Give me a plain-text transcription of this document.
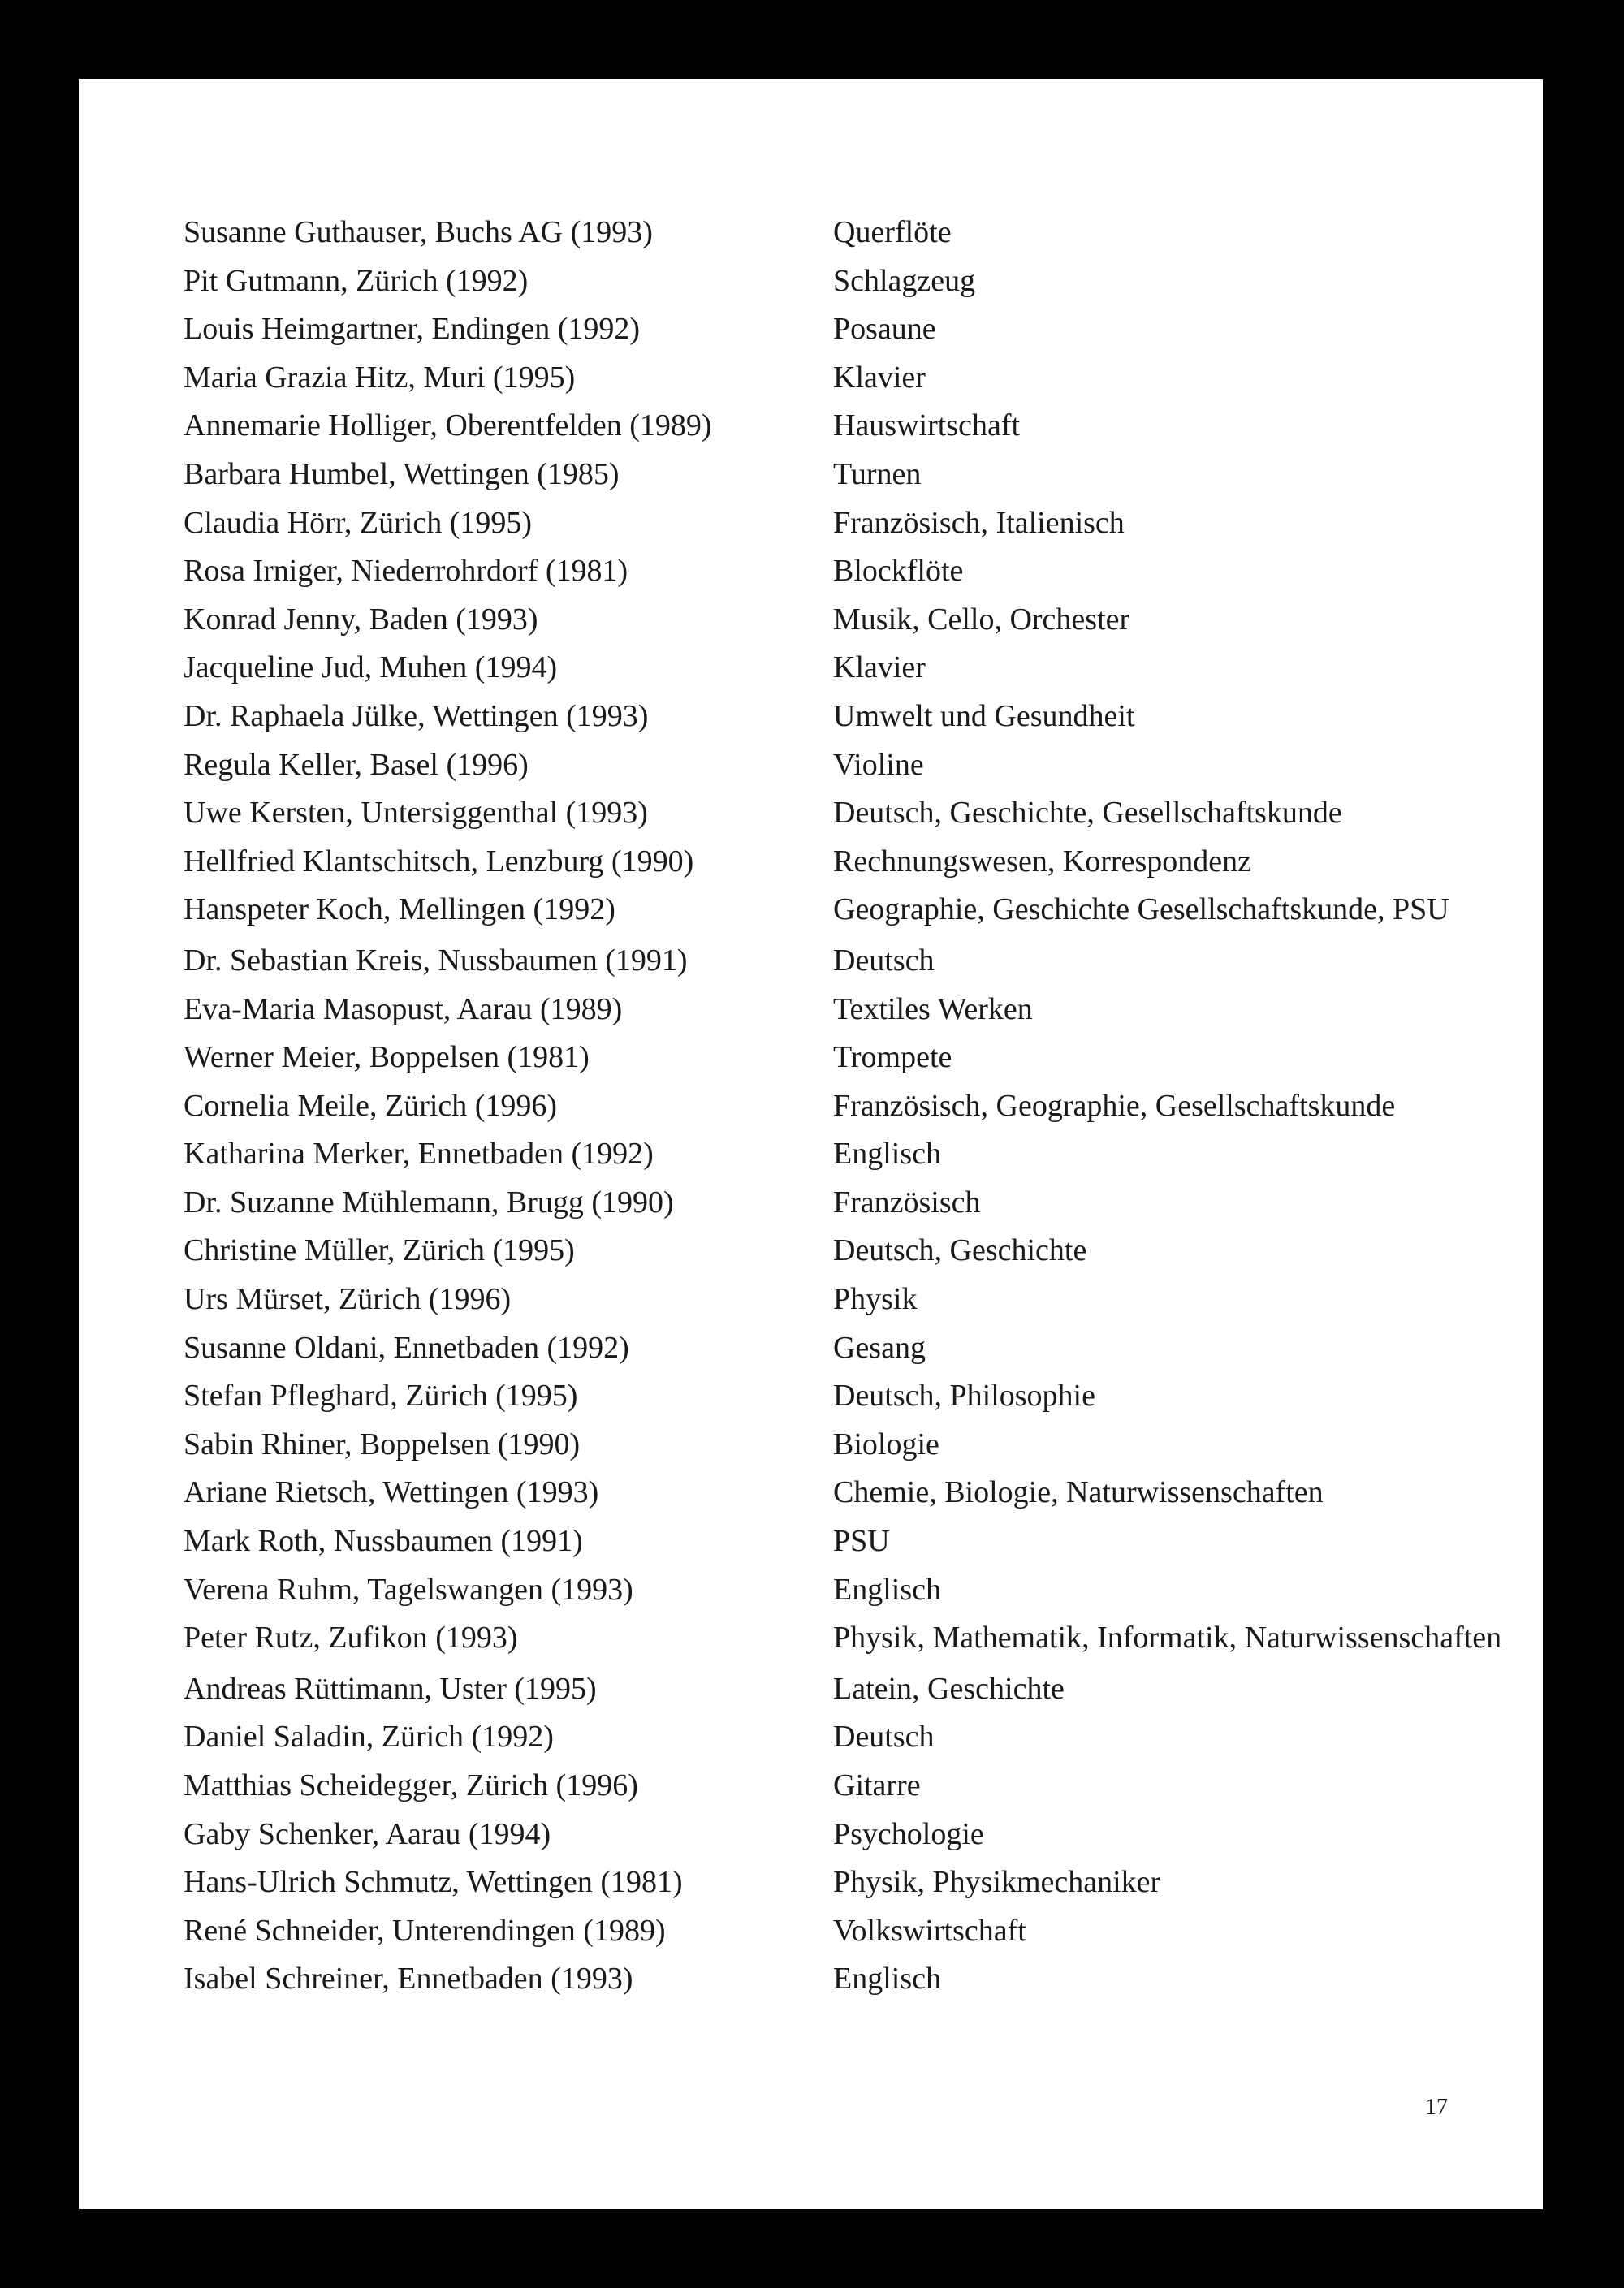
Susanne Guthauser, Buchs AG (1993)	Querflöte
Pit Gutmann, Zürich (1992)	Schlagzeug
Louis Heimgartner, Endingen (1992)	Posaune
Maria Grazia Hitz, Muri (1995)	Klavier
Annemarie Holliger, Oberentfelden (1989)	Hauswirtschaft
Barbara Humbel, Wettingen (1985)	Turnen
Claudia Hörr, Zürich (1995)	Französisch, Italienisch
Rosa Irniger, Niederrohrdorf (1981)	Blockflöte
Konrad Jenny, Baden (1993)	Musik, Cello, Orchester
Jacqueline Jud, Muhen (1994)	Klavier
Dr. Raphaela Jülke, Wettingen (1993)	Umwelt und Gesundheit
Regula Keller, Basel (1996)	Violine
Uwe Kersten, Untersiggenthal (1993)	Deutsch, Geschichte, Gesellschaftskunde
Hellfried Klantschitsch, Lenzburg (1990)	Rechnungswesen, Korrespondenz
Hanspeter Koch, Mellingen (1992)	Geographie, Geschichte Gesellschaftskunde, PSU
Dr. Sebastian Kreis, Nussbaumen (1991)	Deutsch
Eva-Maria Masopust, Aarau (1989)	Textiles Werken
Werner Meier, Boppelsen (1981)	Trompete
Cornelia Meile, Zürich (1996)	Französisch, Geographie, Gesellschaftskunde
Katharina Merker, Ennetbaden (1992)	Englisch
Dr. Suzanne Mühlemann, Brugg (1990)	Französisch
Christine Müller, Zürich (1995)	Deutsch, Geschichte
Urs Mürset, Zürich (1996)	Physik
Susanne Oldani, Ennetbaden (1992)	Gesang
Stefan Pfleghard, Zürich (1995)	Deutsch, Philosophie
Sabin Rhiner, Boppelsen (1990)	Biologie
Ariane Rietsch, Wettingen (1993)	Chemie, Biologie, Naturwissenschaften
Mark Roth, Nussbaumen (1991)	PSU
Verena Ruhm, Tagelswangen (1993)	Englisch
Peter Rutz, Zufikon (1993)	Physik, Mathematik, Informatik, Naturwissenschaften
Andreas Rüttimann, Uster (1995)	Latein, Geschichte
Daniel Saladin, Zürich (1992)	Deutsch
Matthias Scheidegger, Zürich (1996)	Gitarre
Gaby Schenker, Aarau (1994)	Psychologie
Hans-Ulrich Schmutz, Wettingen (1981)	Physik, Physikmechaniker
René Schneider, Unterendingen (1989)	Volkswirtschaft
Isabel Schreiner, Ennetbaden (1993)	Englisch
17
